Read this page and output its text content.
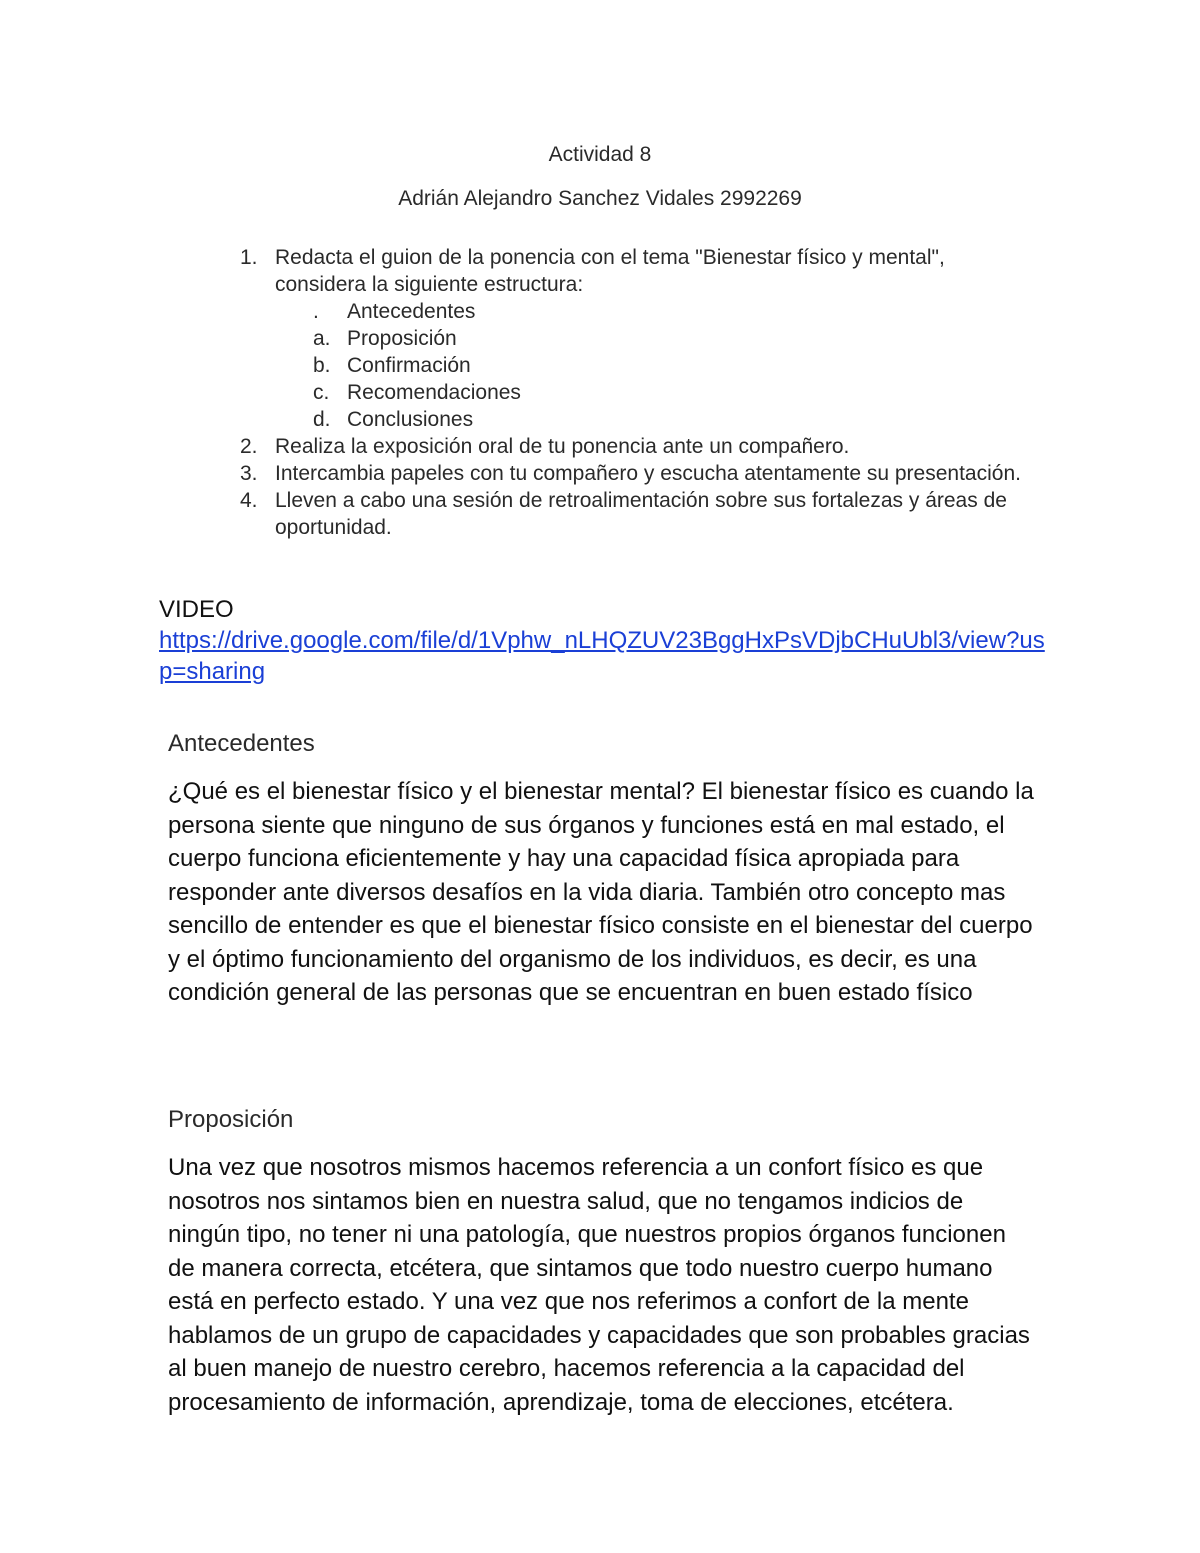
Actividad 8
Adrián Alejandro Sanchez Vidales 2992269
1. Redacta el guion de la ponencia con el tema "Bienestar físico y mental", considera la siguiente estructura:
. Antecedentes
a. Proposición
b. Confirmación
c. Recomendaciones
d. Conclusiones
2. Realiza la exposición oral de tu ponencia ante un compañero.
3. Intercambia papeles con tu compañero y escucha atentamente su presentación.
4. Lleven a cabo una sesión de retroalimentación sobre sus fortalezas y áreas de oportunidad.
VIDEO
https://drive.google.com/file/d/1Vphw_nLHQZUV23BggHxPsVDjbCHuUbl3/view?usp=sharing
Antecedentes
¿Qué es el bienestar físico y el bienestar mental? El bienestar físico es cuando la persona siente que ninguno de sus órganos y funciones está en mal estado, el cuerpo funciona eficientemente y hay una capacidad física apropiada para responder ante diversos desafíos en la vida diaria. También otro concepto mas sencillo de entender es que el bienestar físico consiste en el bienestar del cuerpo y el óptimo funcionamiento del organismo de los individuos, es decir, es una condición general de las personas que se encuentran en buen estado físico
Proposición
Una vez que nosotros mismos hacemos referencia a un confort físico es que nosotros nos sintamos bien en nuestra salud, que no tengamos indicios de ningún tipo, no tener ni una patología, que nuestros propios órganos funcionen de manera correcta, etcétera, que sintamos que todo nuestro cuerpo humano está en perfecto estado. Y una vez que nos referimos a confort de la mente hablamos de un grupo de capacidades y capacidades que son probables gracias al buen manejo de nuestro cerebro, hacemos referencia a la capacidad del procesamiento de información, aprendizaje, toma de elecciones, etcétera.
